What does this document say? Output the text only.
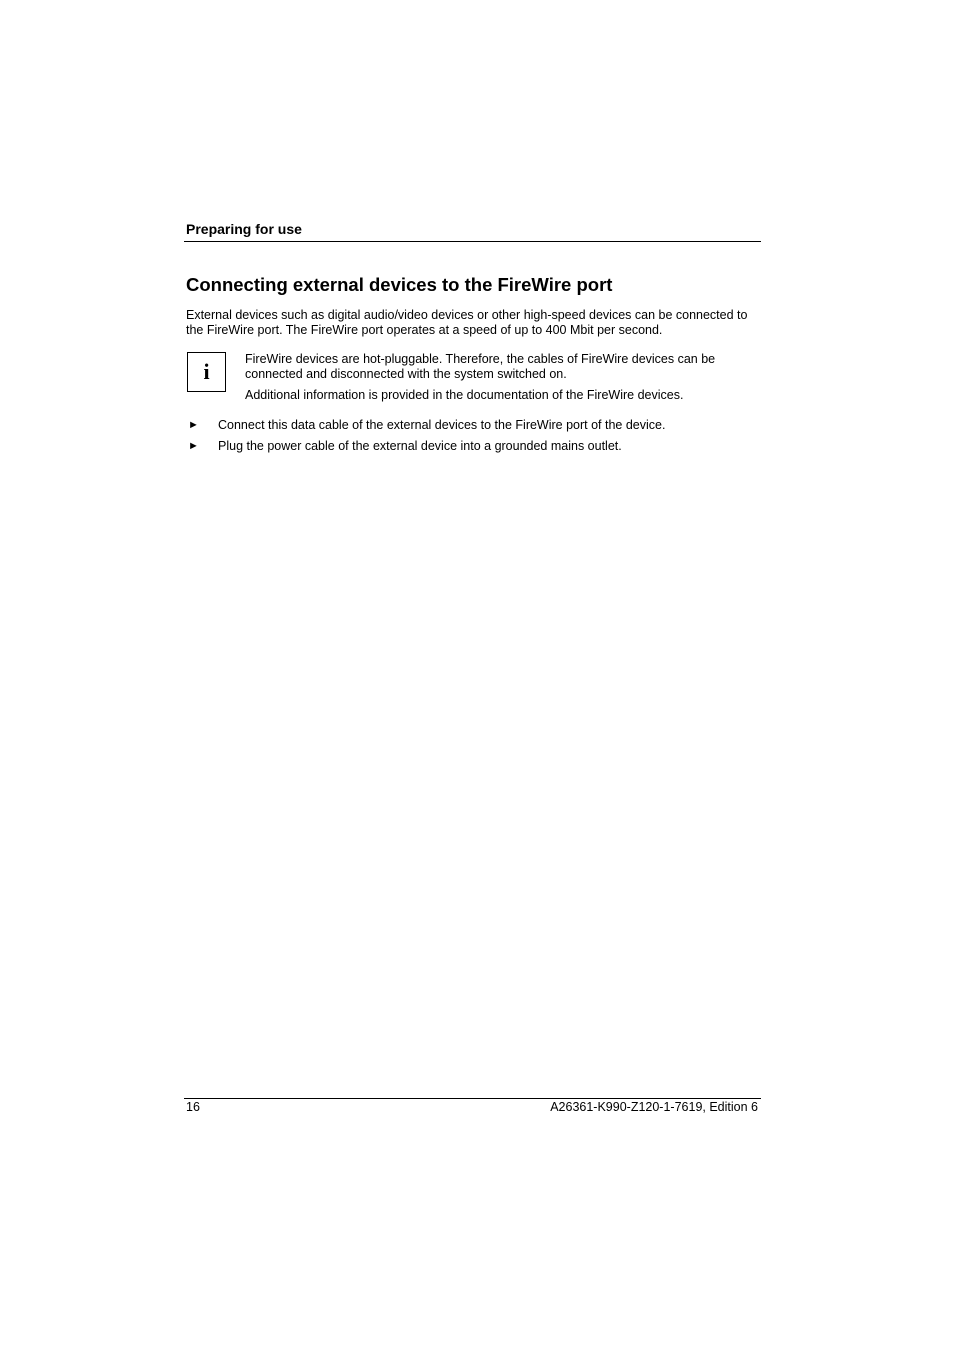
Preparing for use
Connecting external devices to the FireWire port

External devices such as digital audio/video devices or other high-speed devices can be connected to the FireWire port. The FireWire port operates at a speed of up to 400 Mbit per second.

i	FireWire devices are hot-pluggable. Therefore, the cables of FireWire devices can be connected and disconnected with the system switched on.

Additional information is provided in the documentation of the FireWire devices.

►	Connect this data cable of the external devices to the FireWire port of the device.
►	Plug the power cable of the external device into a grounded mains outlet.
16	A26361-K990-Z120-1-7619, Edition 6
